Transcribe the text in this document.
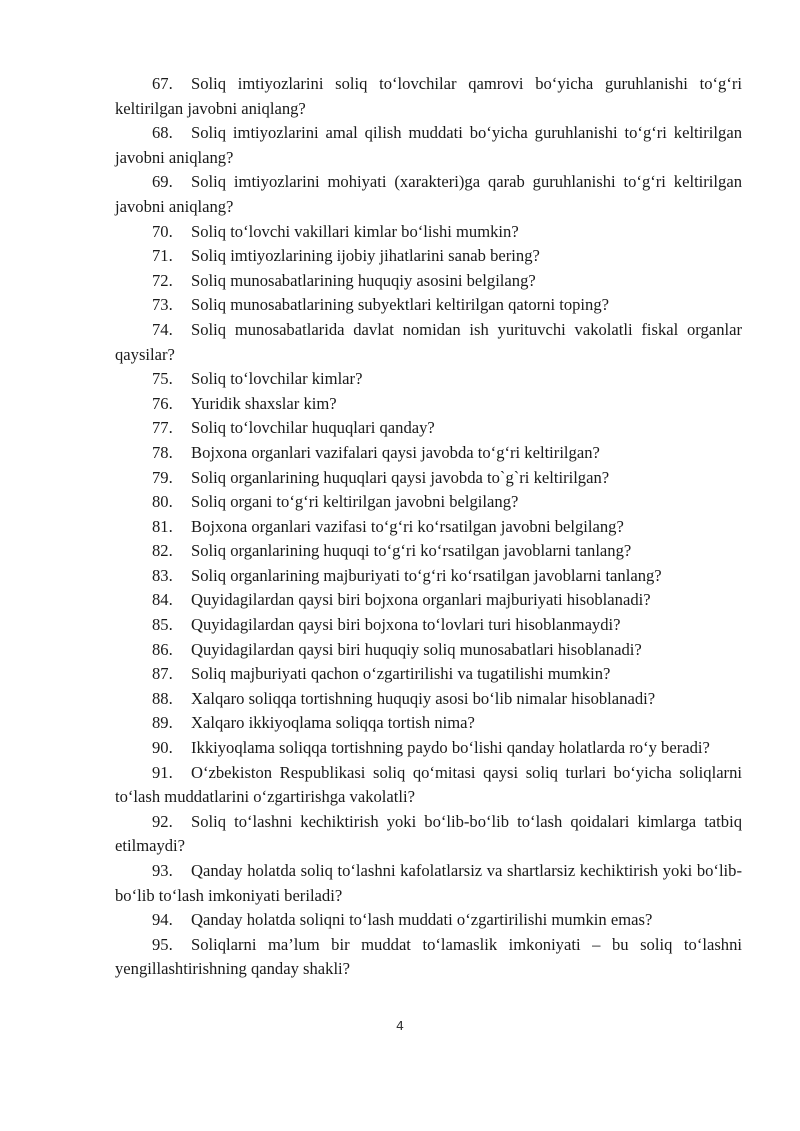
67. Soliq imtiyozlarini soliq to‘lovchilar qamrovi bo‘yicha guruhlanishi to‘g‘ri keltirilgan javobni aniqlang?

68. Soliq imtiyozlarini amal qilish muddati bo‘yicha guruhlanishi to‘g‘ri keltirilgan javobni aniqlang?

69. Soliq imtiyozlarini mohiyati (xarakteri)ga qarab guruhlanishi to‘g‘ri keltirilgan javobni aniqlang?

70. Soliq to‘lovchi vakillari kimlar bo‘lishi mumkin?

71. Soliq imtiyozlarining ijobiy jihatlarini sanab bering?

72. Soliq munosabatlarining huquqiy asosini belgilang?

73. Soliq munosabatlarining subyektlari keltirilgan qatorni toping?

74. Soliq munosabatlarida davlat nomidan ish yurituvchi vakolatli fiskal organlar qaysilar?

75. Soliq to‘lovchilar kimlar?

76. Yuridik shaxslar kim?

77. Soliq to‘lovchilar huquqlari qanday?

78. Bojxona organlari vazifalari qaysi javobda to‘g‘ri keltirilgan?

79. Soliq organlarining huquqlari qaysi javobda to`g`ri keltirilgan?

80. Soliq organi to‘g‘ri keltirilgan javobni belgilang?

81. Bojxona organlari vazifasi to‘g‘ri ko‘rsatilgan javobni belgilang?

82. Soliq organlarining huquqi to‘g‘ri ko‘rsatilgan javoblarni tanlang?

83. Soliq organlarining majburiyati to‘g‘ri ko‘rsatilgan javoblarni tanlang?

84. Quyidagilardan qaysi biri bojxona organlari majburiyati hisoblanadi?

85. Quyidagilardan qaysi biri bojxona to‘lovlari turi hisoblanmaydi?

86. Quyidagilardan qaysi biri huquqiy soliq munosabatlari hisoblanadi?

87. Soliq majburiyati qachon o‘zgartirilishi va tugatilishi mumkin?

88. Xalqaro soliqqa tortishning huquqiy asosi bo‘lib nimalar hisoblanadi?

89. Xalqaro ikkiyoqlama soliqqa tortish nima?

90. Ikkiyoqlama soliqqa tortishning paydo bo‘lishi qanday holatlarda ro‘y beradi?

91. O‘zbekiston Respublikasi soliq qo‘mitasi qaysi soliq turlari bo‘yicha soliqlarni to‘lash muddatlarini o‘zgartirishga vakolatli?

92. Soliq to‘lashni kechiktirish yoki bo‘lib-bo‘lib to‘lash qoidalari kimlarga tatbiq etilmaydi?

93. Qanday holatda soliq to‘lashni kafolatlarsiz va shartlarsiz kechiktirish yoki bo‘lib-bo‘lib to‘lash imkoniyati beriladi?

94. Qanday holatda soliqni to‘lash muddati o‘zgartirilishi mumkin emas?

95. Soliqlarni ma’lum bir muddat to‘lamaslik imkoniyati – bu soliq to‘lashni yengillashtirishning qanday shakli?

4
